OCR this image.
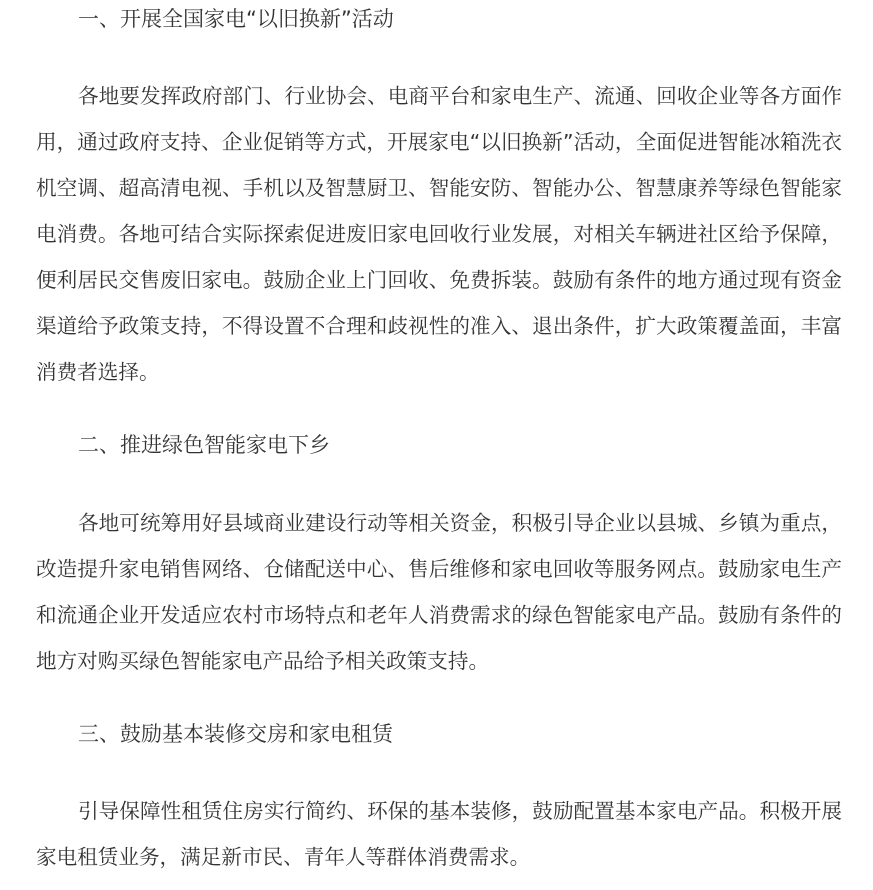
一、开展全国家电“以旧换新”活动

各地要发挥政府部门、行业协会、电商平台和家电生产、流通、回收企业等各方面作用，通过政府支持、企业促销等方式，开展家电“以旧换新”活动，全面促进智能冰箱洗衣机空调、超高清电视、手机以及智慧厨卫、智能安防、智能办公、智慧康养等绿色智能家电消费。各地可结合实际探索促进废旧家电回收行业发展，对相关车辆进社区给予保障，便利居民交售废旧家电。鼓励企业上门回收、免费拆装。鼓励有条件的地方通过现有资金渠道给予政策支持，不得设置不合理和歧视性的准入、退出条件，扩大政策覆盖面，丰富消费者选择。

二、推进绿色智能家电下乡

各地可统筹用好县域商业建设行动等相关资金，积极引导企业以县城、乡镇为重点，改造提升家电销售网络、仓储配送中心、售后维修和家电回收等服务网点。鼓励家电生产和流通企业开发适应农村市场特点和老年人消费需求的绿色智能家电产品。鼓励有条件的地方对购买绿色智能家电产品给予相关政策支持。

三、鼓励基本装修交房和家电租赁

引导保障性租赁住房实行简约、环保的基本装修，鼓励配置基本家电产品。积极开展家电租赁业务，满足新市民、青年人等群体消费需求。
